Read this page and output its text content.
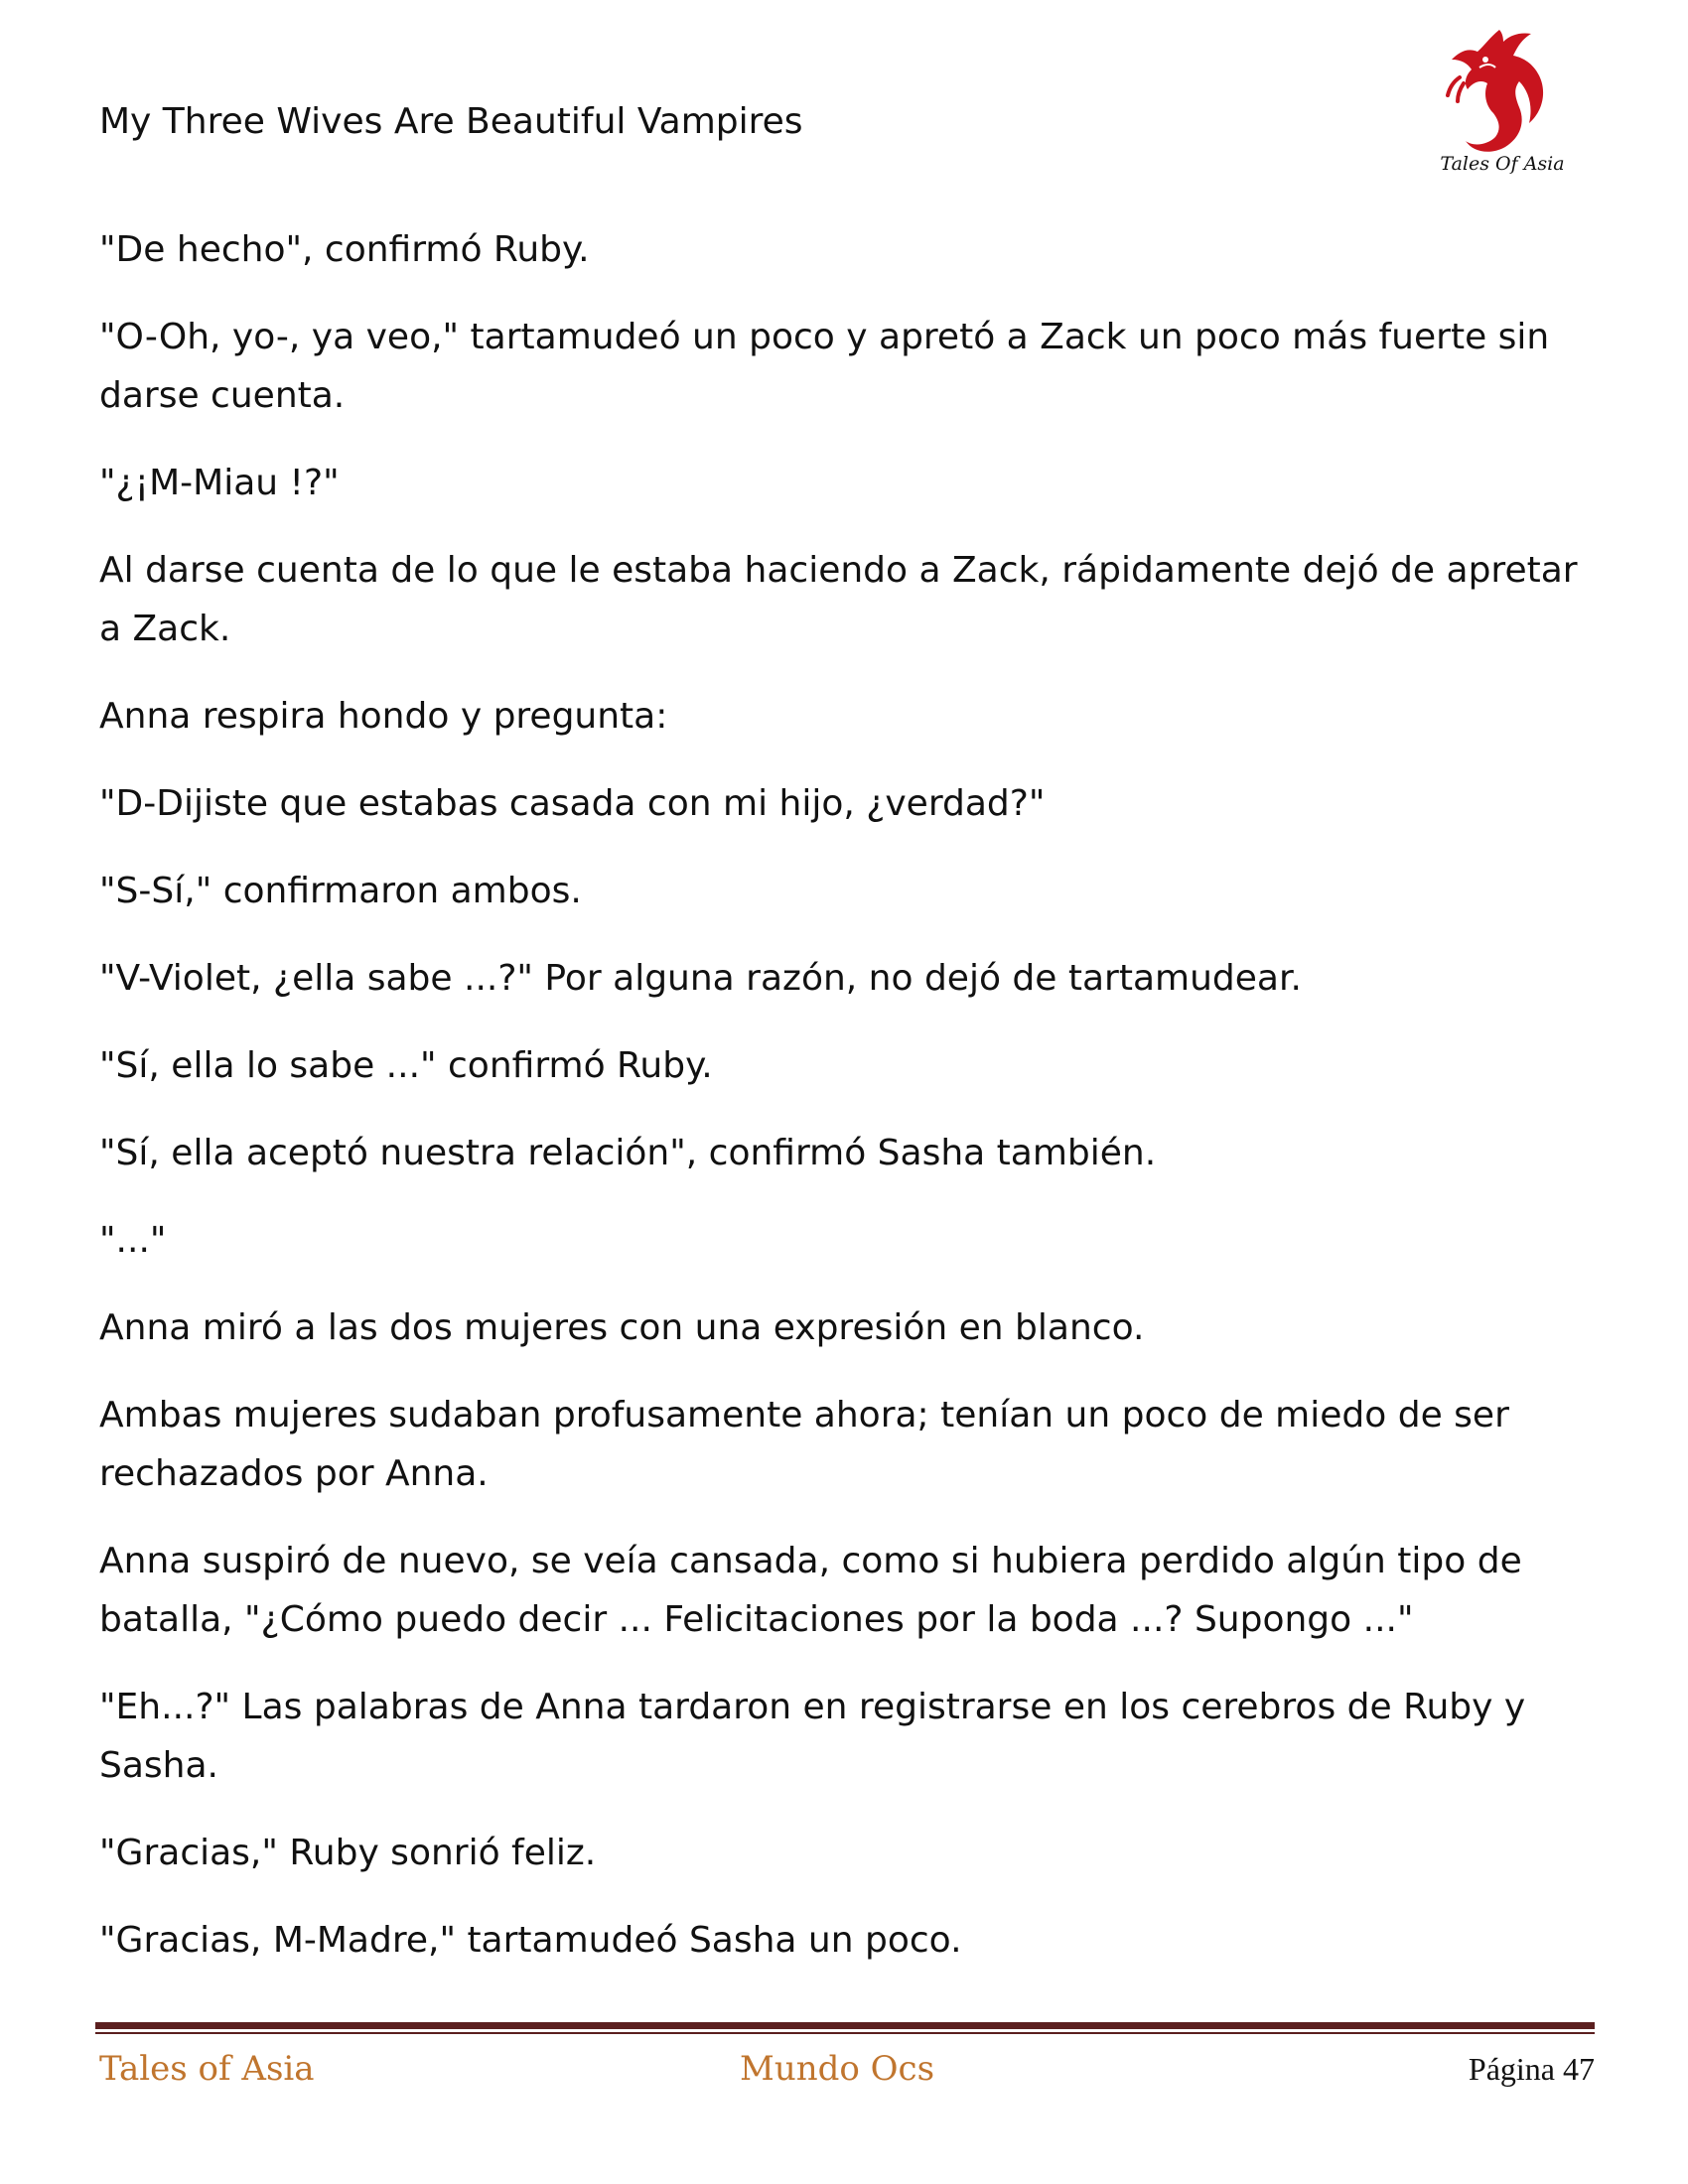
My Three Wives Are Beautiful Vampires
Tales Of Asia

"De hecho", confirmó Ruby.

"O-Oh, yo-, ya veo," tartamudeó un poco y apretó a Zack un poco más fuerte sin darse cuenta.

"¿¡M-Miau !?"

Al darse cuenta de lo que le estaba haciendo a Zack, rápidamente dejó de apretar a Zack.

Anna respira hondo y pregunta:

"D-Dijiste que estabas casada con mi hijo, ¿verdad?"

"S-Sí," confirmaron ambos.

"V-Violet, ¿ella sabe ...?" Por alguna razón, no dejó de tartamudear.

"Sí, ella lo sabe ..." confirmó Ruby.

"Sí, ella aceptó nuestra relación", confirmó Sasha también.

"..."

Anna miró a las dos mujeres con una expresión en blanco.

Ambas mujeres sudaban profusamente ahora; tenían un poco de miedo de ser rechazados por Anna.

Anna suspiró de nuevo, se veía cansada, como si hubiera perdido algún tipo de batalla, "¿Cómo puedo decir ... Felicitaciones por la boda ...? Supongo ..."

"Eh...?" Las palabras de Anna tardaron en registrarse en los cerebros de Ruby y Sasha.

"Gracias," Ruby sonrió feliz.

"Gracias, M-Madre," tartamudeó Sasha un poco.

Tales of Asia	Mundo Ocs	Página 47
